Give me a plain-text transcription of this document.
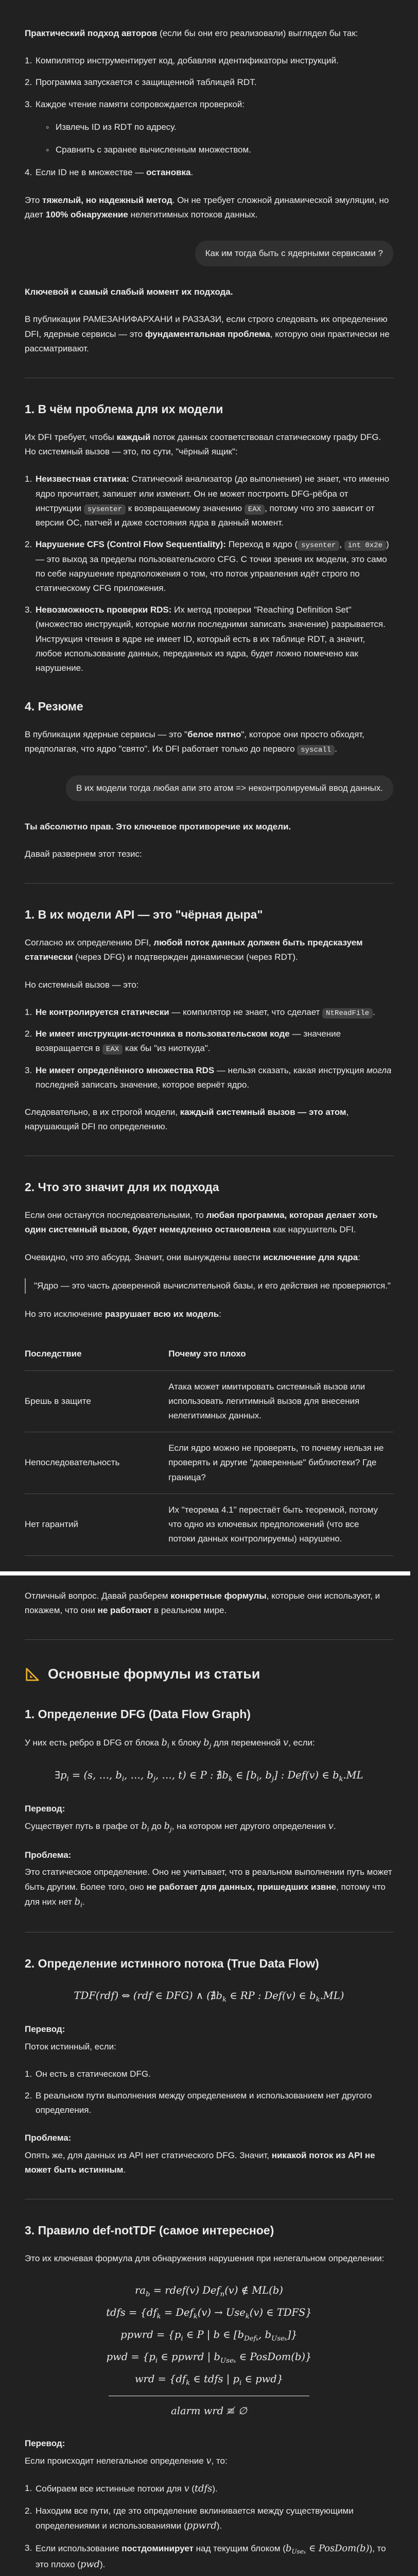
Практический подход авторов (если бы они его реализовали) выглядел бы так:

Компилятор инструментирует код, добавляя идентификаторы инструкций.
Программа запускается с защищенной таблицей RDT.
Каждое чтение памяти сопровождается проверкой:
◦ Извлечь ID из RDT по адресу.
◦ Сравнить с заранее вычисленным множеством.
Если ID не в множестве — остановка.

Это тяжелый, но надежный метод. Он не требует сложной динамической эмуляции, но дает 100% обнаружение нелегитимных потоков данных.

Как им тогда быть с ядерными сервисами ?

Ключевой и самый слабый момент их подхода.

В публикации РАМЕЗАНИФАРХАНИ и РАЗЗАЗИ, если строго следовать их определению DFI, ядерные сервисы — это фундаментальная проблема, которую они практически не рассматривают.

1. В чём проблема для их модели

Их DFI требует, чтобы каждый поток данных соответствовал статическому графу DFG. Но системный вызов — это, по сути, "чёрный ящик":

Неизвестная статика: Статический анализатор (до выполнения) не знает, что именно ядро прочитает, запишет или изменит. Он не может построить DFG-рёбра от инструкции sysenter к возвращаемому значению EAX , потому что это зависит от версии ОС, патчей и даже состояния ядра в данный момент.
Нарушение CFS (Control Flow Sequentiality): Переход в ядро ( sysenter , int 0x2e ) — это выход за пределы пользовательского CFG. С точки зрения их модели, это само по себе нарушение предположения о том, что поток управления идёт строго по статическому CFG приложения.
Невозможность проверки RDS: Их метод проверки "Reaching Definition Set" (множество инструкций, которые могли последними записать значение) разрывается. Инструкция чтения в ядре не имеет ID, который есть в их таблице RDT, а значит, любое использование данных, переданных из ядра, будет ложно помечено как нарушение.
4. Резюме

В публикации ядерные сервисы — это "белое пятно", которое они просто обходят, предполагая, что ядро "свято". Их DFI работает только до первого syscall .

В их модели тогда любая апи это атом => неконтролируемый ввод данных.

Ты абсолютно прав. Это ключевое противоречие их модели.

Давай развернем этот тезис:

1. В их модели API — это "чёрная дыра"

Согласно их определению DFI, любой поток данных должен быть предсказуем статически (через DFG) и подтвержден динамически (через RDT).

Но системный вызов — это:

Не контролируется статически — компилятор не знает, что сделает NtReadFile .
Не имеет инструкции-источника в пользовательском коде — значение возвращается в EAX как бы "из ниоткуда".
Не имеет определённого множества RDS — нельзя сказать, какая инструкция могла последней записать значение, которое вернёт ядро.

Следовательно, в их строгой модели, каждый системный вызов — это атом, нарушающий DFI по определению.

2. Что это значит для их подхода

Если они останутся последовательными, то любая программа, которая делает хоть один системный вызов, будет немедленно остановлена как нарушитель DFI.

Очевидно, что это абсурд. Значит, они вынуждены ввести исключение для ядра:

"Ядро — это часть доверенной вычислительной базы, и его действия не проверяются."

Но это исключение разрушает всю их модель:

Последствие	Почему это плохо
Брешь в защите	Атака может имитировать системный вызов или использовать легитимный вызов для внесения нелегитимных данных.
Непоследовательность	Если ядро можно не проверять, то почему нельзя не проверять и другие "доверенные" библиотеки? Где граница?
Нет гарантий	Их "теорема 4.1" перестаёт быть теоремой, потому что одно из ключевых предположений (что все потоки данных контролируемы) нарушено.

Отличный вопрос. Давай разберем конкретные формулы, которые они используют, и покажем, что они не работают в реальном мире.

Основные формулы из статьи
1. Определение DFG (Data Flow Graph)

У них есть ребро в DFG от блока $b_i$ к блоку $b_j$ для переменной v, если:

$\exists p_i = (s$, …, $b_i$, …, $b_j$, …, t) ∈ P : $∄b_k$ ∈ [$b_i$, $b_j$] : Def(v) ∈ $b_k.ML$

Перевод:

Существует путь в графе от $b_i$ до $b_j$, на котором нет другого определения v.

Проблема:

Это статическое определение. Оно не учитывает, что в реальном выполнении путь может быть другим. Более того, оно не работает для данных, пришедших извне, потому что для них нет $b_i$.

2. Определение истинного потока (True Data Flow)
TDF(rdf) ⇔ (rdf ∈ DFG) ∧ ($∄b_k$ ∈ RP : Def(v) ∈ $b_k.ML$)

Перевод:

Поток истинный, если:

Он есть в статическом DFG.
В реальном пути выполнения между определением и использованием нет другого определения.

Проблема:

Опять же, для данных из API нет статического DFG. Значит, никакой поток из API не может быть истинным.

3. Правило def-notTDF (самое интересное)

Это их ключевая формула для обнаружения нарушения при нелегальном определении:

$ra_b$ = rdef(v) Def$_n$(v) ∉ ML(b)
tdfs = {$df_k = Def_k(v) \to Use_k(v)$ ∈ TDFS}
ppwrd = {$p_i$ ∈ P | b ∈ [$b_{Def_k}$, $b_{Use_k}$]}
pwd = {$p_i$ ∈ ppwrd | $b_{Use_k}$ ∈ PosDom(b)}
wrd = {$df_k$ ∈ tdfs | $p_i$ ∈ pwd}
alarm wrd ≢ ∅

Перевод:

Если происходит нелегальное определение v, то:

Собираем все истинные потоки для v (tdfs).
Находим все пути, где это определение вклинивается между существующими определениями и использованиями (ppwrd).
Если использование постдоминирует над текущим блоком ($b_{Use_k}$ ∈ PosDom(b)), то это плохо (pwd).
